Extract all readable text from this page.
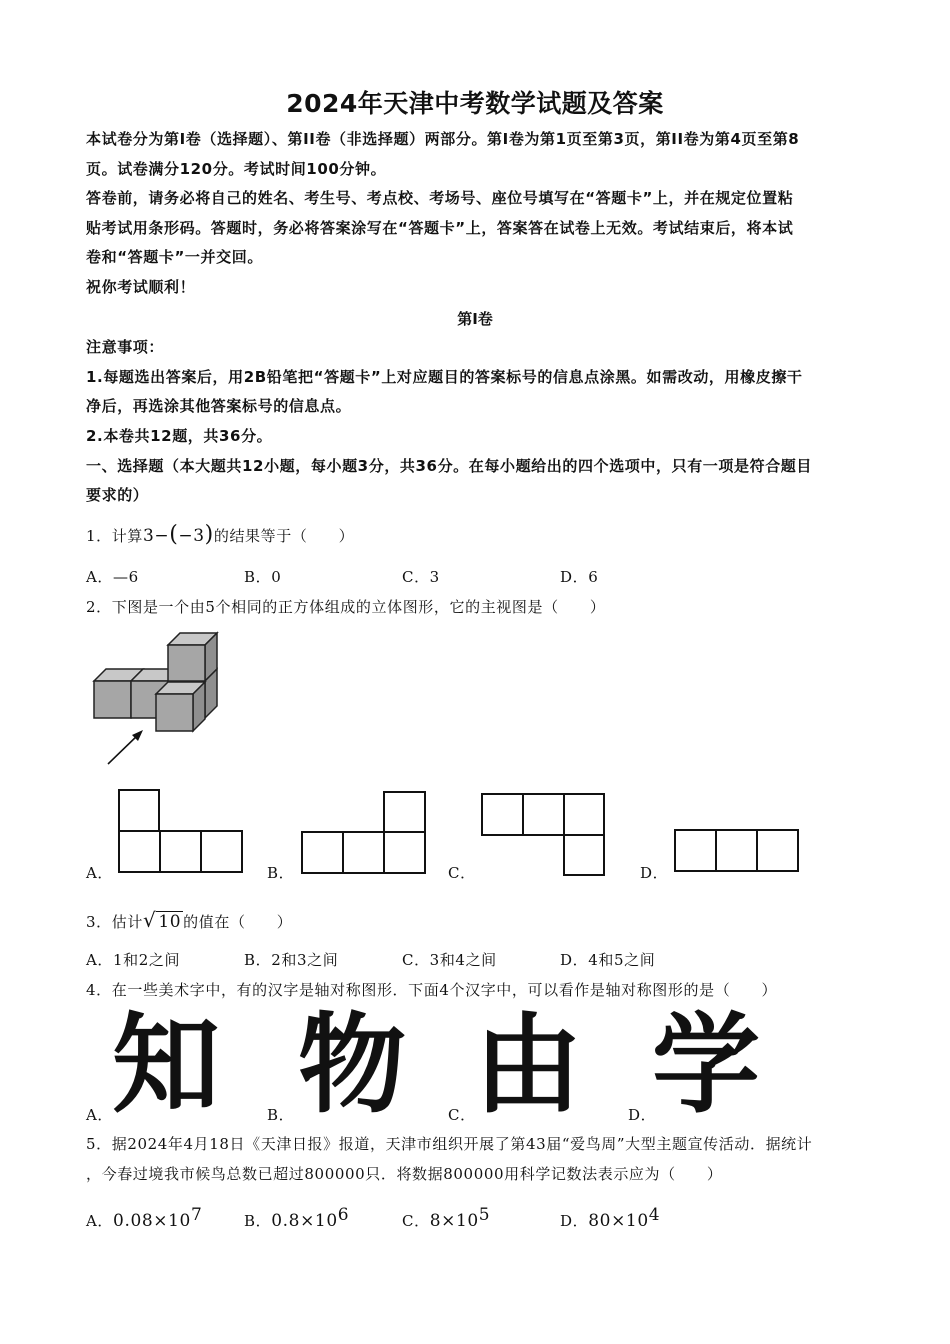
2024年天津中考数学试题及答案
本试卷分为第I卷（选择题）、第II卷（非选择题）两部分。第I卷为第1页至第3页，第II卷为第4页至第8
页。试卷满分120分。考试时间100分钟。
答卷前，请务必将自己的姓名、考生号、考点校、考场号、座位号填写在“答题卡”上，并在规定位置粘
贴考试用条形码。答题时，务必将答案涂写在“答题卡”上，答案答在试卷上无效。考试结束后，将本试
卷和“答题卡”一并交回。
祝你考试顺利！
第I卷
注意事项：
1.每题选出答案后，用2B铅笔把“答题卡”上对应题目的答案标号的信息点涂黑。如需改动，用橡皮擦干
净后，再选涂其他答案标号的信息点。
2.本卷共12题，共36分。
一、选择题（本大题共12小题，每小题3分，共36分。在每小题给出的四个选项中，只有一项是符合题目
要求的）
1．计算3−(−3)的结果等于（　　）
A．—6	B．0	C．3	D．6
2．下图是一个由5个相同的正方体组成的立体图形，它的主视图是（　　）
A．	B．	C．	D．
3．估计√ 10 的值在（　　）
A．1和2之间	B．2和3之间	C．3和4之间	D．4和5之间
4．在一些美术字中，有的汉字是轴对称图形．下面4个汉字中，可以看作是轴对称图形的是（　　）
知 物 由 学
A．	B．	C．	D．
5．据2024年4月18日《天津日报》报道，天津市组织开展了第43届“爱鸟周”大型主题宣传活动．据统计
，今春过境我市候鸟总数已超过800000只．将数据800000用科学记数法表示应为（　　）
A．$0.08\times 10^7$	B．$0.8\times 10^6$	C．$8\times 10^5$	D．$80\times 10^4$
